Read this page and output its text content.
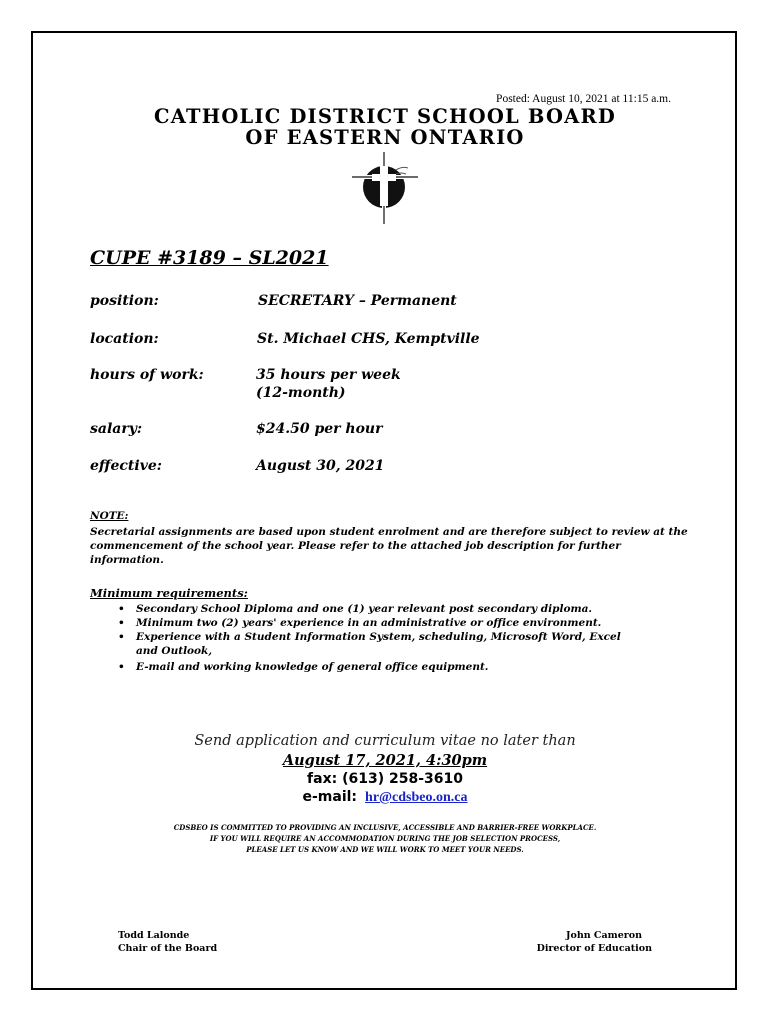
Posted: August 10, 2021 at 11:15 a.m.
CATHOLIC DISTRICT SCHOOL BOARD
OF EASTERN ONTARIO
CUPE #3189 – SL2021
position:	SECRETARY – Permanent
location:	St. Michael CHS, Kemptville
hours of work:	35 hours per week
(12-month)
salary:	$24.50 per hour
effective:	August 30, 2021
NOTE:
Secretarial assignments are based upon student enrolment and are therefore subject to review at the commencement of the school year. Please refer to the attached job description for further information.
Minimum requirements:
• Secondary School Diploma and one (1) year relevant post secondary diploma.
• Minimum two (2) years' experience in an administrative or office environment.
• Experience with a Student Information System, scheduling, Microsoft Word, Excel and Outlook,
• E-mail and working knowledge of general office equipment.
Send application and curriculum vitae no later than
August 17, 2021, 4:30pm
fax: (613) 258-3610
e-mail: hr@cdsbeo.on.ca
CDSBEO IS COMMITTED TO PROVIDING AN INCLUSIVE, ACCESSIBLE AND BARRIER-FREE WORKPLACE.
IF YOU WILL REQUIRE AN ACCOMMODATION DURING THE JOB SELECTION PROCESS,
PLEASE LET US KNOW AND WE WILL WORK TO MEET YOUR NEEDS.
Todd Lalonde
Chair of the Board
John Cameron
Director of Education
